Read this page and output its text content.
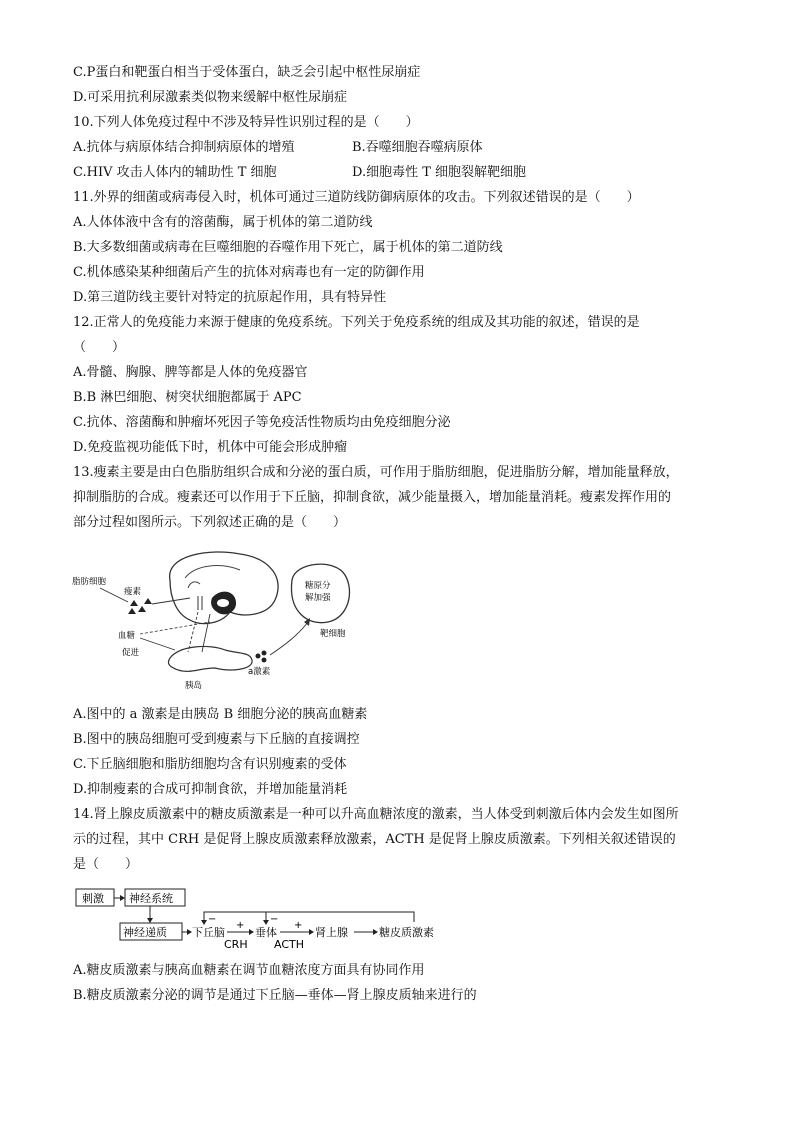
C.P蛋白和靶蛋白相当于受体蛋白，缺乏会引起中枢性尿崩症
D.可采用抗利尿激素类似物来缓解中枢性尿崩症
10.下列人体免疫过程中不涉及特异性识别过程的是（　　）
A.抗体与病原体结合抑制病原体的增殖	B.吞噬细胞吞噬病原体
C.HIV 攻击人体内的辅助性 T 细胞	D.细胞毒性 T 细胞裂解靶细胞
11.外界的细菌或病毒侵入时，机体可通过三道防线防御病原体的攻击。下列叙述错误的是（　　）
A.人体体液中含有的溶菌酶，属于机体的第二道防线
B.大多数细菌或病毒在巨噬细胞的吞噬作用下死亡，属于机体的第二道防线
C.机体感染某种细菌后产生的抗体对病毒也有一定的防御作用
D.第三道防线主要针对特定的抗原起作用，具有特异性
12.正常人的免疫能力来源于健康的免疫系统。下列关于免疫系统的组成及其功能的叙述，错误的是
（　　）
A.骨髓、胸腺、脾等都是人体的免疫器官
B.B 淋巴细胞、树突状细胞都属于 APC
C.抗体、溶菌酶和肿瘤坏死因子等免疫活性物质均由免疫细胞分泌
D.免疫监视功能低下时，机体中可能会形成肿瘤
13.瘦素主要是由白色脂肪组织合成和分泌的蛋白质，可作用于脂肪细胞，促进脂肪分解，增加能量释放，
抑制脂肪的合成。瘦素还可以作用于下丘脑，抑制食欲，减少能量摄入，增加能量消耗。瘦素发挥作用的
部分过程如图所示。下列叙述正确的是（　　）
脂肪细胞
瘦素
血糖
促进
胰岛
a激素
糖原分
解加强
靶细胞
A.图中的 a 激素是由胰岛 B 细胞分泌的胰高血糖素
B.图中的胰岛细胞可受到瘦素与下丘脑的直接调控
C.下丘脑细胞和脂肪细胞均含有识别瘦素的受体
D.抑制瘦素的合成可抑制食欲，并增加能量消耗
14.肾上腺皮质激素中的糖皮质激素是一种可以升高血糖浓度的激素，当人体受到刺激后体内会发生如图所
示的过程，其中 CRH 是促肾上腺皮质激素释放激素，ACTH 是促肾上腺皮质激素。下列相关叙述错误的
是（　　）
刺激 神经系统
神经递质 下丘脑
+
CRH
垂体
+
ACTH
肾上腺	糖皮质激素
−	−
A.糖皮质激素与胰高血糖素在调节血糖浓度方面具有协同作用
B.糖皮质激素分泌的调节是通过下丘脑—垂体—肾上腺皮质轴来进行的
